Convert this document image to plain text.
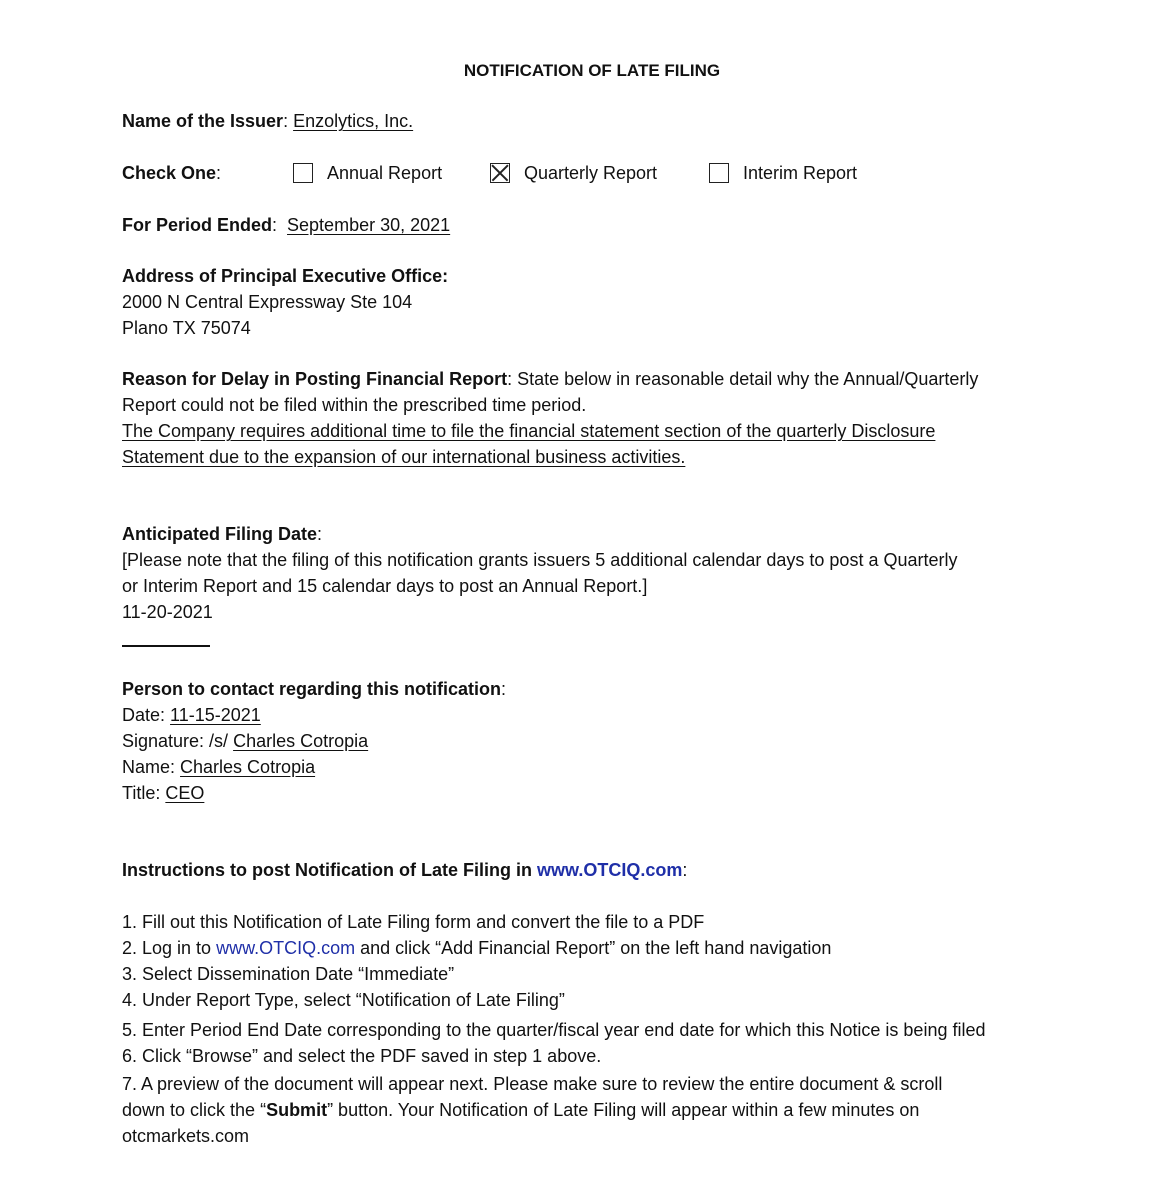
NOTIFICATION OF LATE FILING
Name of the Issuer: Enzolytics, Inc.
Check One:	Annual Report	Quarterly Report	Interim Report
For Period Ended:  September 30, 2021
Address of Principal Executive Office:
2000 N Central Expressway Ste 104
Plano TX 75074
Reason for Delay in Posting Financial Report: State below in reasonable detail why the Annual/Quarterly
Report could not be filed within the prescribed time period.
The Company requires additional time to file the financial statement section of the quarterly Disclosure
Statement due to the expansion of our international business activities.
Anticipated Filing Date:
[Please note that the filing of this notification grants issuers 5 additional calendar days to post a Quarterly
or Interim Report and 15 calendar days to post an Annual Report.]
11-20-2021
Person to contact regarding this notification:
Date: 11-15-2021
Signature: /s/ Charles Cotropia
Name: Charles Cotropia
Title: CEO
Instructions to post Notification of Late Filing in www.OTCIQ.com:
1. Fill out this Notification of Late Filing form and convert the file to a PDF
2. Log in to www.OTCIQ.com and click “Add Financial Report” on the left hand navigation
3. Select Dissemination Date “Immediate”
4. Under Report Type, select “Notification of Late Filing”
5. Enter Period End Date corresponding to the quarter/fiscal year end date for which this Notice is being filed
6. Click “Browse” and select the PDF saved in step 1 above.
7. A preview of the document will appear next. Please make sure to review the entire document & scroll
down to click the “Submit” button. Your Notification of Late Filing will appear within a few minutes on
otcmarkets.com
